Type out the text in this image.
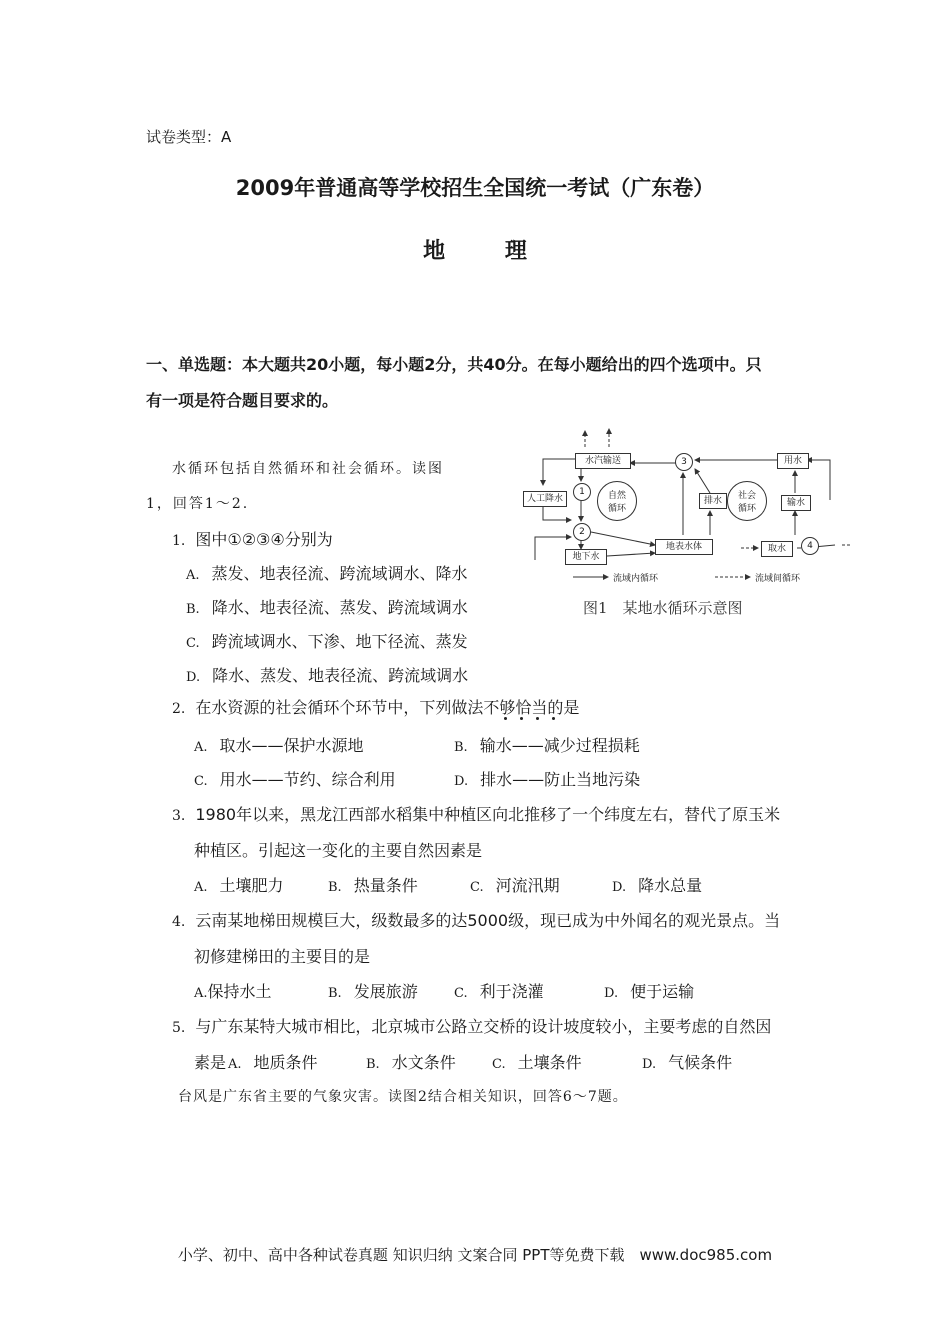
试卷类型：A
2009年普通高等学校招生全国统一考试（广东卷）
地 理
一、单选题：本大题共20小题，每小题2分，共40分。在每小题给出的四个选项中。只
有一项是符合题目要求的。
水循环包括自然循环和社会循环。读图
1，回答1～2.
水汽输送
人工降水
1
2
3
4
自然
循环
社会
循环
排水
用水
输水
地下水
地表水体	取水
流域内循环	流域间循环
图1　某地水循环示意图
1. 图中①②③④分别为
A. 蒸发、地表径流、跨流域调水、降水
B. 降水、地表径流、蒸发、跨流域调水
C. 跨流域调水、下渗、地下径流、蒸发
D. 降水、蒸发、地表径流、跨流域调水
2. 在水资源的社会循环个环节中，下列做法不够恰当的是
A. 取水——保护水源地	B. 输水——减少过程损耗
C. 用水——节约、综合利用	D. 排水——防止当地污染
3. 1980年以来，黑龙江西部水稻集中种植区向北推移了一个纬度左右，替代了原玉米
种植区。引起这一变化的主要自然因素是
A. 土壤肥力	B. 热量条件	C. 河流汛期	D. 降水总量
4. 云南某地梯田规模巨大，级数最多的达5000级，现已成为中外闻名的观光景点。当
初修建梯田的主要目的是
A.保持水土	B. 发展旅游	C. 利于浇灌	D. 便于运输
5. 与广东某特大城市相比，北京城市公路立交桥的设计坡度较小，主要考虑的自然因
素是 A. 地质条件	B. 水文条件	C. 土壤条件	D. 气候条件
台风是广东省主要的气象灾害。读图2结合相关知识，回答6～7题。
小学、初中、高中各种试卷真题 知识归纳 文案合同 PPT等免费下载　www.doc985.com
